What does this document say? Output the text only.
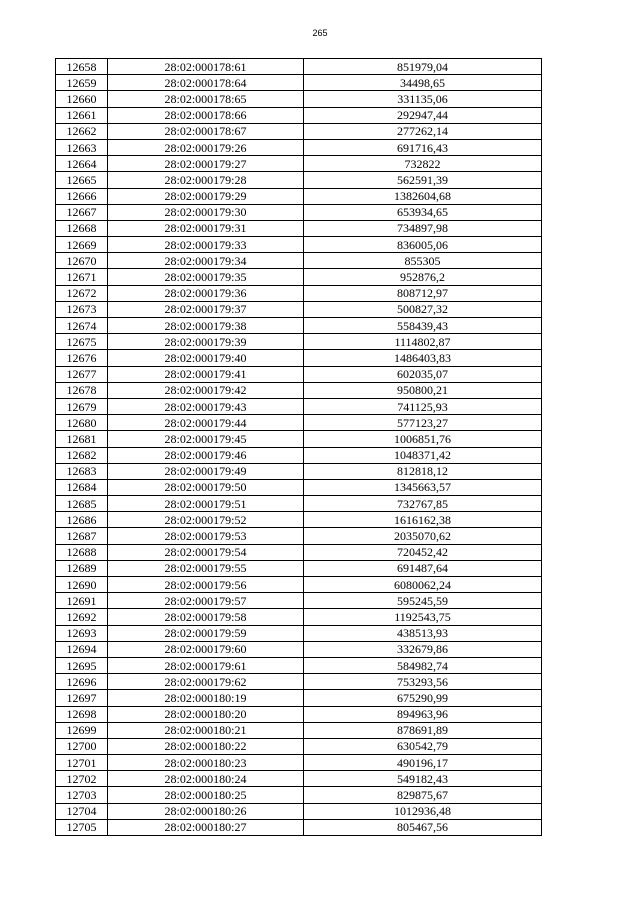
265
12658	28:02:000178:61	851979,04
12659	28:02:000178:64	34498,65
12660	28:02:000178:65	331135,06
12661	28:02:000178:66	292947,44
12662	28:02:000178:67	277262,14
12663	28:02:000179:26	691716,43
12664	28:02:000179:27	732822
12665	28:02:000179:28	562591,39
12666	28:02:000179:29	1382604,68
12667	28:02:000179:30	653934,65
12668	28:02:000179:31	734897,98
12669	28:02:000179:33	836005,06
12670	28:02:000179:34	855305
12671	28:02:000179:35	952876,2
12672	28:02:000179:36	808712,97
12673	28:02:000179:37	500827,32
12674	28:02:000179:38	558439,43
12675	28:02:000179:39	1114802,87
12676	28:02:000179:40	1486403,83
12677	28:02:000179:41	602035,07
12678	28:02:000179:42	950800,21
12679	28:02:000179:43	741125,93
12680	28:02:000179:44	577123,27
12681	28:02:000179:45	1006851,76
12682	28:02:000179:46	1048371,42
12683	28:02:000179:49	812818,12
12684	28:02:000179:50	1345663,57
12685	28:02:000179:51	732767,85
12686	28:02:000179:52	1616162,38
12687	28:02:000179:53	2035070,62
12688	28:02:000179:54	720452,42
12689	28:02:000179:55	691487,64
12690	28:02:000179:56	6080062,24
12691	28:02:000179:57	595245,59
12692	28:02:000179:58	1192543,75
12693	28:02:000179:59	438513,93
12694	28:02:000179:60	332679,86
12695	28:02:000179:61	584982,74
12696	28:02:000179:62	753293,56
12697	28:02:000180:19	675290,99
12698	28:02:000180:20	894963,96
12699	28:02:000180:21	878691,89
12700	28:02:000180:22	630542,79
12701	28:02:000180:23	490196,17
12702	28:02:000180:24	549182,43
12703	28:02:000180:25	829875,67
12704	28:02:000180:26	1012936,48
12705	28:02:000180:27	805467,56
